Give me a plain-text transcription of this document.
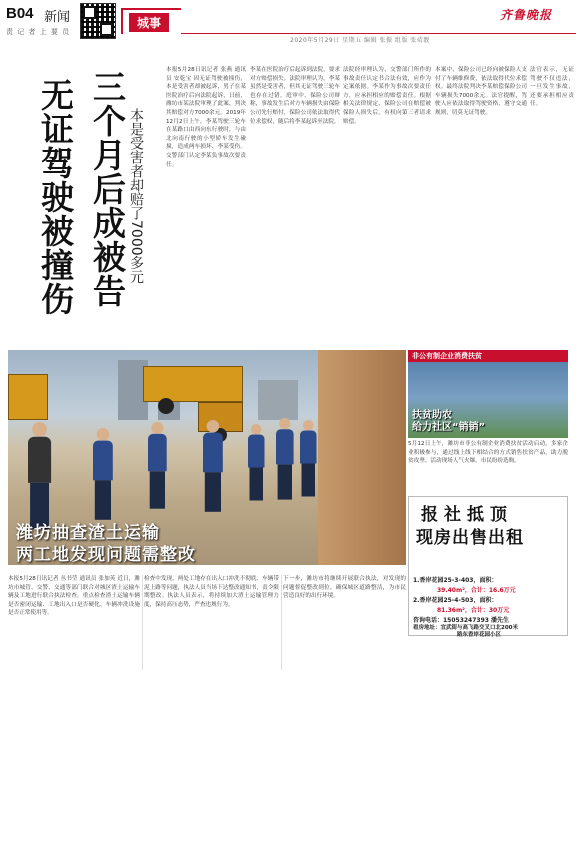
B04 新闻
责 记 者 上 要 员
城事
齐鲁晚报
2020年5月29日 星期五 编辑 张振 组版 张靖靓
三个月后成被告
无证驾驶被撞伤	本是受害者却赔了7000多元
本报5月28日讯记者 张燕 通讯员 安乾宝 因无证驾驶被撞伤，本是受害者却被起诉，男子在某医院治疗后向法院起诉，日前，潍坊市某法院审理了此案，判决其赔偿对方7000余元。2019年12月2日上午，李某驾驶三轮车在某路口由西向东行驶时，与由北向南行驶的小型轿车发生碰撞，造成两车损坏、李某受伤。交警部门认定李某负事故次要责任。
李某在医院治疗后起诉到法院，要求对方赔偿损失。法院审理认为，李某虽然是受害者，但其无证驾驶三轮车也存在过错。庭审中，保险公司辩称，事故发生后对方车辆损失由保险公司先行赔付，保险公司依法取得代位求偿权，随后将李某起诉至法院。
法院经审理认为，交警部门所作的事故责任认定书合法有效，应作为定案依据。李某作为事故次要责任方，应承担相应的赔偿责任。根据相关法律规定，保险公司在赔偿被保险人损失后，有权向第三者请求赔偿。
本案中，保险公司已经向被保险人支付了车辆维修费，依法取得代位求偿权。最终法院判决李某赔偿保险公司车辆损失7000余元。法官提醒，驾驶人应依法取得驾驶资格，遵守交通规则，切莫无证驾驶。
法官表示，无证驾驶不仅违法，一旦发生事故，还要承担相应责任。
潍坊抽查渣土运输
两工地发现问题需整改
非公有制企业消费扶贫
扶贫助农
给力社区“销销”
5月12日上午，潍坊市非公有制企业消费扶贫活动启动，多家企业积极参与，通过线上线下相结合的方式销售扶贫产品，助力脱贫攻坚。活动现场人气火爆，市民纷纷选购。
报社抵顶
现房出售出租
1.香岸花园25-3-403，面积：
39.40m²，合计：16.6万元
2.香岸花园25-4-503，面积：
81.36m²，合计：30万元
咨询电话：15053247393 潘先生
看房地址：宜武街与高飞路交叉口北200米
路东香岸花园小区
本报5月28日讯记者 丛书莹 通讯员 张加英 近日，潍坊市城管、交警、交通等部门联合对城区渣土运输车辆及工地进行联合执法检查，重点检查渣土运输车辆是否密闭运输、工地出入口是否硬化、车辆冲洗设施是否正常使用等。
检查中发现，两处工地存在出入口冲洗不彻底、车辆带泥上路等问题，执法人员当场下达整改通知书，责令限期整改。执法人员表示，将持续加大渣土运输管理力度，保持高压态势，严查违规行为。
下一步，潍坊市将继续开展联合执法，对发现的问题督促整改到位，确保城区道路整洁，为市民营造良好的出行环境。
